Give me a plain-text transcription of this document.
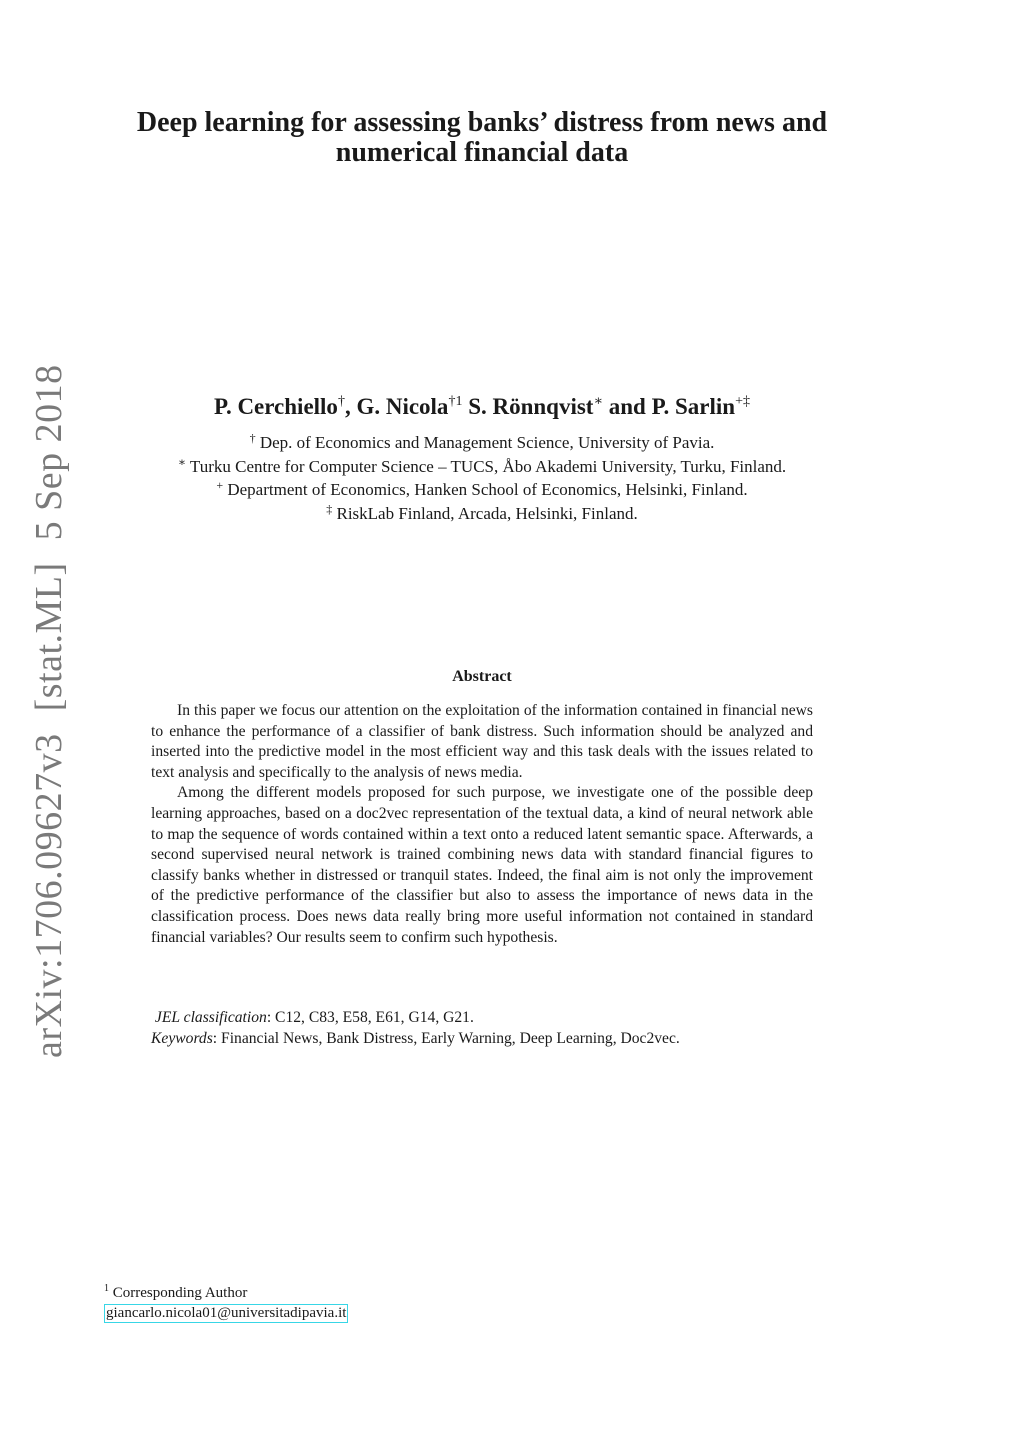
arXiv:1706.09627v3[stat.ML]5 Sep 2018
Deep learning for assessing banks’ distress from news and numerical financial data
P. Cerchiello†, G. Nicola$^{\dagger 1}$ S. Rönnqvist∗ and P. Sarlin+‡
† Dep. of Economics and Management Science, University of Pavia.
∗ Turku Centre for Computer Science – TUCS, Åbo Akademi University, Turku, Finland.
+ Department of Economics, Hanken School of Economics, Helsinki, Finland.
‡ RiskLab Finland, Arcada, Helsinki, Finland.
Abstract

In this paper we focus our attention on the exploitation of the information contained in financial news to enhance the performance of a classifier of bank distress. Such information should be analyzed and inserted into the predictive model in the most efficient way and this task deals with the issues related to text analysis and specifically to the analysis of news media.

Among the different models proposed for such purpose, we investigate one of the possible deep learning approaches, based on a doc2vec representation of the textual data, a kind of neural network able to map the sequence of words contained within a text onto a reduced latent semantic space. Afterwards, a second supervised neural network is trained combining news data with standard financial figures to classify banks whether in distressed or tranquil states. Indeed, the final aim is not only the improvement of the predictive performance of the classifier but also to assess the importance of news data in the classification process. Does news data really bring more useful information not contained in standard financial variables? Our results seem to confirm such hypothesis.

JEL classification: C12, C83, E58, E61, G14, G21.
Keywords: Financial News, Bank Distress, Early Warning, Deep Learning, Doc2vec.
$^1$ Corresponding Author
giancarlo.nicola01@universitadipavia.it
